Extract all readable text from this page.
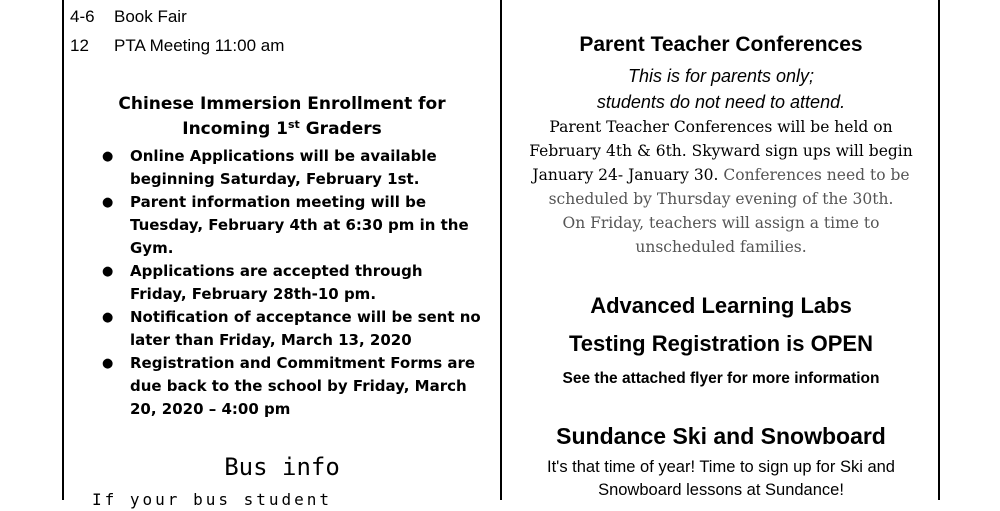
4-6 Book Fair
12 PTA Meeting 11:00 am
Chinese Immersion Enrollment for
Incoming 1st Graders
● Online Applications will be available beginning Saturday, February 1st.
● Parent information meeting will be Tuesday, February 4th at 6:30 pm in the Gym.
● Applications are accepted through Friday, February 28th-10 pm.
● Notification of acceptance will be sent no later than Friday, March 13, 2020
● Registration and Commitment Forms are due back to the school by Friday, March 20, 2020 – 4:00 pm
Bus info
If your bus student
Parent Teacher Conferences
This is for parents only;
students do not need to attend.
Parent Teacher Conferences will be held on
February 4th & 6th. Skyward sign ups will begin
January 24- January 30. Conferences need to be
scheduled by Thursday evening of the 30th.
On Friday, teachers will assign a time to
unscheduled families.
Advanced Learning Labs
Testing Registration is OPEN
See the attached flyer for more information
Sundance Ski and Snowboard
It's that time of year! Time to sign up for Ski and
Snowboard lessons at Sundance!
